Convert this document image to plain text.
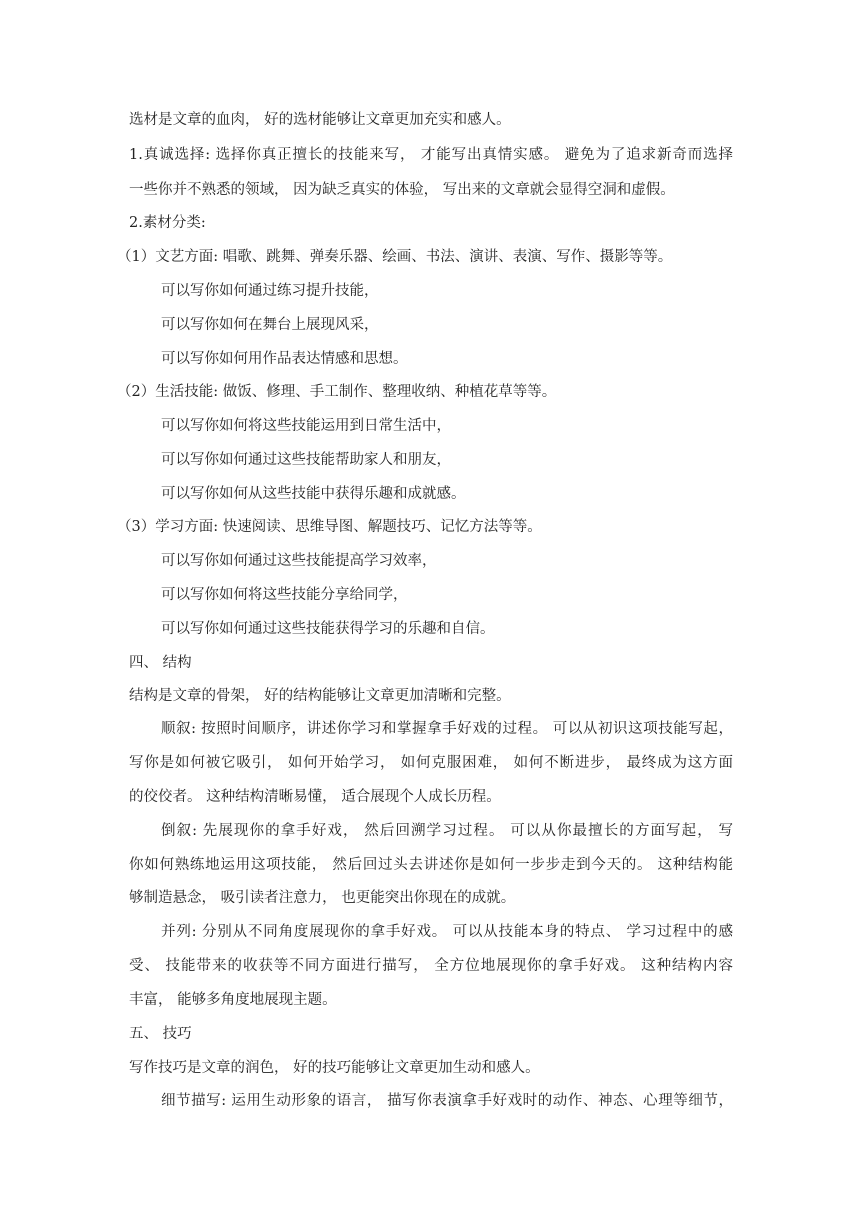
选材是文章的血肉， 好的选材能够让文章更加充实和感人。
1.真诚选择: 选择你真正擅长的技能来写， 才能写出真情实感。 避免为了追求新奇而选择
一些你并不熟悉的领域， 因为缺乏真实的体验， 写出来的文章就会显得空洞和虚假。
2.素材分类:
（1）文艺方面: 唱歌、跳舞、弹奏乐器、绘画、书法、演讲、表演、写作、摄影等等。
可以写你如何通过练习提升技能，
可以写你如何在舞台上展现风采，
可以写你如何用作品表达情感和思想。
（2）生活技能: 做饭、修理、手工制作、整理收纳、种植花草等等。
可以写你如何将这些技能运用到日常生活中，
可以写你如何通过这些技能帮助家人和朋友，
可以写你如何从这些技能中获得乐趣和成就感。
（3）学习方面: 快速阅读、思维导图、解题技巧、记忆方法等等。
可以写你如何通过这些技能提高学习效率，
可以写你如何将这些技能分享给同学，
可以写你如何通过这些技能获得学习的乐趣和自信。
四、 结构
结构是文章的骨架， 好的结构能够让文章更加清晰和完整。
顺叙: 按照时间顺序，讲述你学习和掌握拿手好戏的过程。 可以从初识这项技能写起，
写你是如何被它吸引， 如何开始学习， 如何克服困难， 如何不断进步， 最终成为这方面
的佼佼者。 这种结构清晰易懂， 适合展现个人成长历程。
倒叙: 先展现你的拿手好戏， 然后回溯学习过程。 可以从你最擅长的方面写起， 写
你如何熟练地运用这项技能， 然后回过头去讲述你是如何一步步走到今天的。 这种结构能
够制造悬念， 吸引读者注意力， 也更能突出你现在的成就。
并列: 分别从不同角度展现你的拿手好戏。 可以从技能本身的特点、 学习过程中的感
受、 技能带来的收获等不同方面进行描写， 全方位地展现你的拿手好戏。 这种结构内容
丰富， 能够多角度地展现主题。
五、 技巧
写作技巧是文章的润色， 好的技巧能够让文章更加生动和感人。
细节描写: 运用生动形象的语言， 描写你表演拿手好戏时的动作、神态、心理等细节，
